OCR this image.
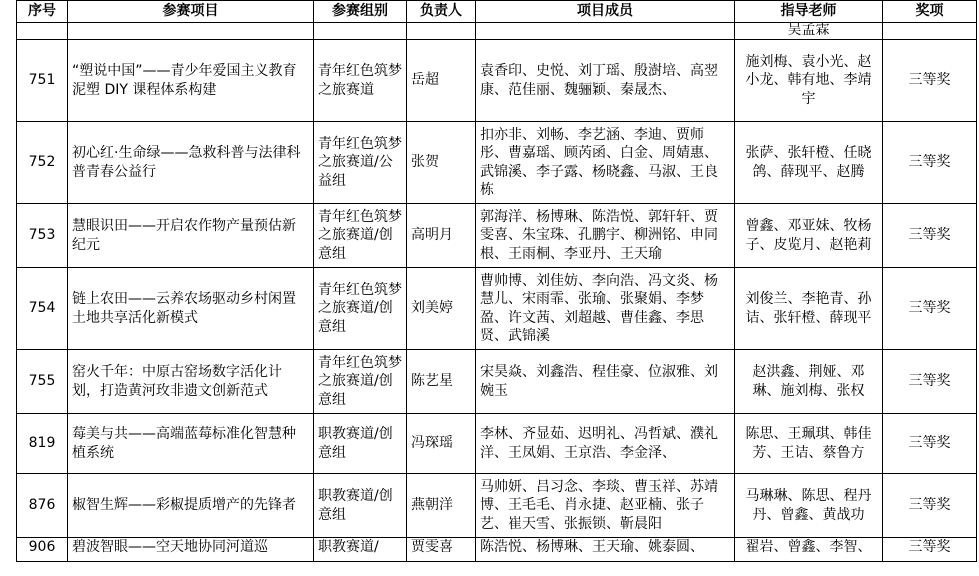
序号	参赛项目	参赛组别	负责人	项目成员	指导老师	奖项
					吴孟霖	
751	“塑说中国”——青少年爱国主义教育泥塑 DIY 课程体系构建	青年红色筑梦之旅赛道	岳超	袁香印、史悦、刘丁瑶、殷澍培、高翌康、范佳丽、魏骊颖、秦晟杰、	施刘梅、袁小光、赵小龙、韩有地、李靖宇	三等奖
752	初心红·生命绿——急救科普与法律科普青春公益行	青年红色筑梦之旅赛道/公益组	张贺	扣亦非、刘畅、李艺涵、李迪、贾师彤、曹嘉瑶、顾芮函、白金、周婧惠、武锦溪、李子露、杨晓鑫、马淑、王良栋	张萨、张轩橙、任晓鸽、薛现平、赵腾	三等奖
753	慧眼识田——开启农作物产量预估新纪元	青年红色筑梦之旅赛道/创意组	高明月	郭海洋、杨博琳、陈浩悦、郭轩轩、贾雯喜、朱宝珠、孔鹏宇、柳洲铭、申同根、王雨桐、李亚丹、王天瑜	曾鑫、邓亚妹、牧杨子、皮览月、赵艳莉	三等奖
754	链上农田——云养农场驱动乡村闲置土地共享活化新模式	青年红色筑梦之旅赛道/创意组	刘美婷	曹帅博、刘佳妨、李向浩、冯文炎、杨慧儿、宋雨霏、张瑜、张聚娟、李梦盈、许文茜、刘超越、曹佳鑫、李思贤、武锦溪	刘俊兰、李艳青、孙诘、张轩橙、薛现平	三等奖
755	窑火千年：中原古窑场数字活化计划，打造黄河玫非遗文创新范式	青年红色筑梦之旅赛道/创意组	陈艺星	宋昊焱、刘鑫浩、程佳豪、位淑雅、刘婉玉	赵洪鑫、荆娅、邓琳、施刘梅、张权	三等奖
819	莓美与共——高端蓝莓标准化智慧种植系统	职教赛道/创意组	冯琛瑶	李林、齐显茹、迟明礼、冯哲斌、濮礼洋、王凤娟、王京浩、李金泽、	陈思、王珮琪、韩佳芳、王诘、蔡鲁方	三等奖
876	椒智生辉——彩椒提质增产的先锋者	职教赛道/创意组	燕朝洋	马帅妍、吕习念、李琰、曹玉祥、苏靖博、王毛毛、肖永捷、赵亚楠、张子艺、崔天雪、张振锁、靳晨阳	马琳琳、陈思、程丹丹、曾鑫、黄战功	三等奖
906	碧波智眼——空天地协同河道巡	职教赛道/	贾雯喜	陈浩悦、杨博琳、王天瑜、姚泰圆、	翟岩、曾鑫、李智、	三等奖
